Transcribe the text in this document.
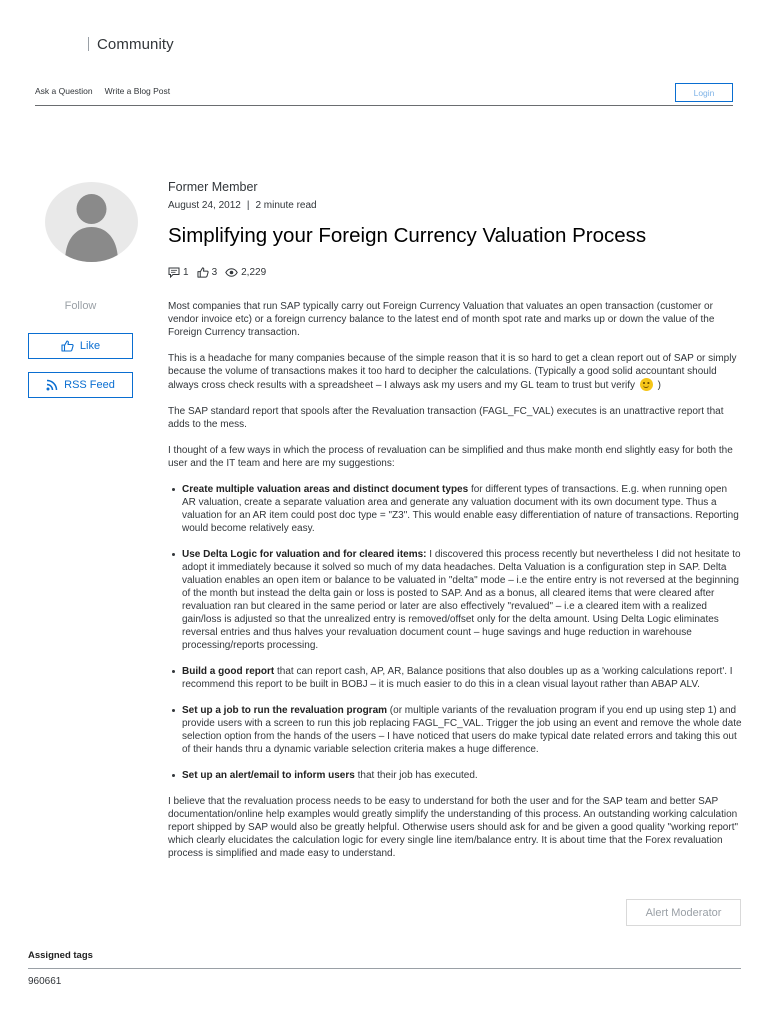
Community
Ask a Question Write a Blog Post	Login
Follow
Like
RSS Feed
Former Member
August 24, 2012 | 2 minute read
Simplifying your Foreign Currency Valuation Process
1 3 2,229

Most companies that run SAP typically carry out Foreign Currency Valuation that valuates an open transaction (customer or vendor invoice etc) or a foreign currency balance to the latest end of month spot rate and marks up or down the value of the Foreign Currency transaction.

This is a headache for many companies because of the simple reason that it is so hard to get a clean report out of SAP or simply because the volume of transactions makes it too hard to decipher the calculations. (Typically a good solid accountant should always cross check results with a spreadsheet – I always ask my users and my GL team to trust but verify )

The SAP standard report that spools after the Revaluation transaction (FAGL_FC_VAL) executes is an unattractive report that adds to the mess.

I thought of a few ways in which the process of revaluation can be simplified and thus make month end slightly easy for both the user and the IT team and here are my suggestions:

Create multiple valuation areas and distinct document types for different types of transactions. E.g. when running open AR valuation, create a separate valuation area and generate any valuation document with its own document type. Thus a valuation for an AR item could post doc type = "Z3". This would enable easy differentiation of nature of transactions. Reporting would become relatively easy.
Use Delta Logic for valuation and for cleared items: I discovered this process recently but nevertheless I did not hesitate to adopt it immediately because it solved so much of my data headaches. Delta Valuation is a configuration step in SAP. Delta valuation enables an open item or balance to be valuated in "delta" mode – i.e the entire entry is not reversed at the beginning of the month but instead the delta gain or loss is posted to SAP. And as a bonus, all cleared items that were cleared after revaluation ran but cleared in the same period or later are also effectively "revalued" – i.e a cleared item with a realized gain/loss is adjusted so that the unrealized entry is removed/offset only for the delta amount. Using Delta Logic eliminates reversal entries and thus halves your revaluation document count – huge savings and huge reduction in warehouse processing/reports processing.
Build a good report that can report cash, AP, AR, Balance positions that also doubles up as a 'working calculations report'. I recommend this report to be built in BOBJ – it is much easier to do this in a clean visual layout rather than ABAP ALV.
Set up a job to run the revaluation program (or multiple variants of the revaluation program if you end up using step 1) and provide users with a screen to run this job replacing FAGL_FC_VAL. Trigger the job using an event and remove the whole date selection option from the hands of the users – I have noticed that users do make typical date related errors and taking this out of their hands thru a dynamic variable selection criteria makes a huge difference.
Set up an alert/email to inform users that their job has executed.

I believe that the revaluation process needs to be easy to understand for both the user and for the SAP team and better SAP documentation/online help examples would greatly simplify the understanding of this process. An outstanding working calculation report shipped by SAP would also be greatly helpful. Otherwise users should ask for and be given a good quality "working report" which clearly elucidates the calculation logic for every single line item/balance entry. It is about time that the Forex revaluation process is simplified and made easy to understand.

Alert Moderator
Assigned tags
960661
